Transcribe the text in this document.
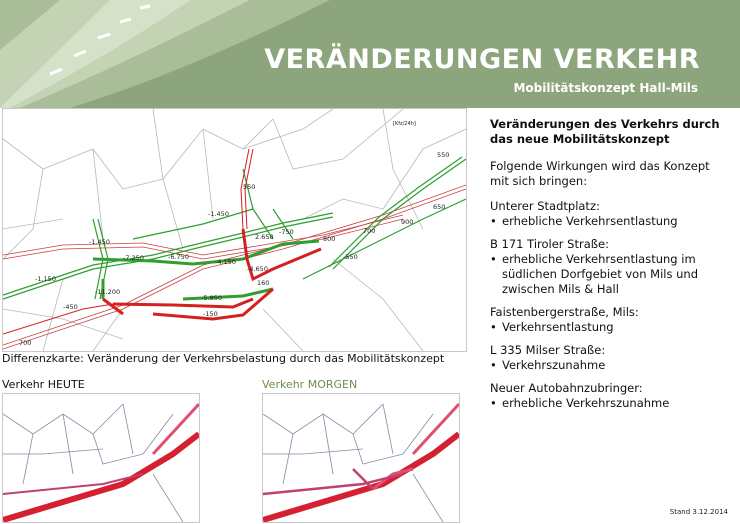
VERÄNDERUNGEN VERKEHR
Mobilitätskonzept Hall-Mils
[Kfz/24h]
-1.150
-1.450
-7.250	-6.750
-4.150
-4.650
2.650
-1.450
-11.200
-5.850
-150
160
-550
550
650
700
800
900
700
550
-750
-450
Differenzkarte: Veränderung der Verkehrsbelastung durch das Mobilitätskonzept
Verkehr HEUTE	Verkehr MORGEN
Veränderungen des Verkehrs durch das neue Mobilitätskonzept
Folgende Wirkungen wird das Konzept mit sich bringen:
Unterer Stadtplatz:
• erhebliche Verkehrsentlastung
B 171 Tiroler Straße:
• erhebliche Verkehrsentlastung im südlichen Dorfgebiet von Mils und zwischen Mils & Hall
Faistenbergerstraße, Mils:
• Verkehrsentlastung
L 335 Milser Straße:
• Verkehrszunahme
Neuer Autobahnzubringer:
• erhebliche Verkehrszunahme
Stand 3.12.2014
